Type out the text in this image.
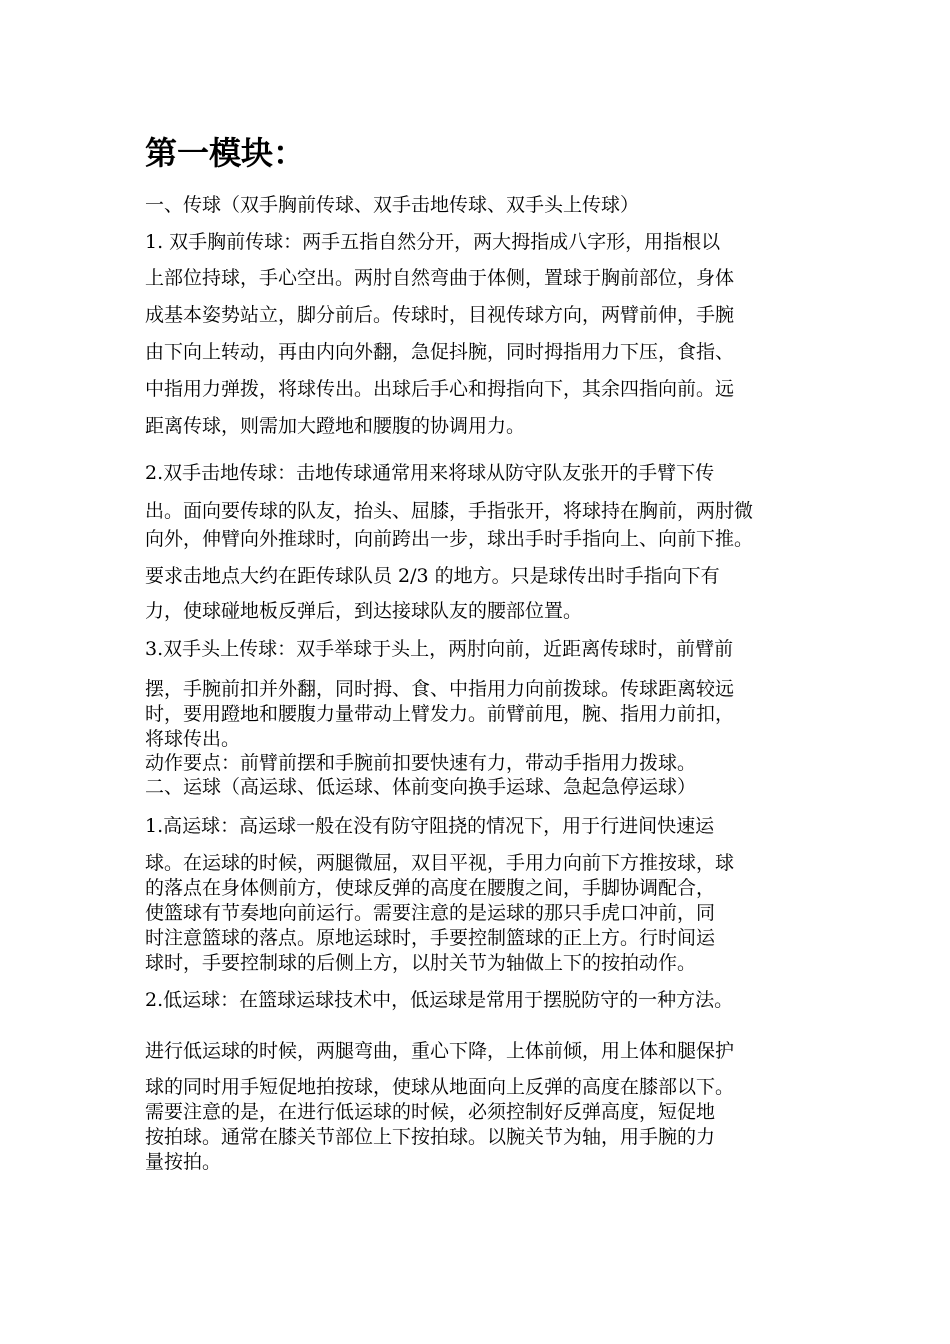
第一模块：
一、传球（双手胸前传球、双手击地传球、双手头上传球）
1. 双手胸前传球：两手五指自然分开，两大拇指成八字形，用指根以
上部位持球，手心空出。两肘自然弯曲于体侧，置球于胸前部位，身体
成基本姿势站立，脚分前后。传球时，目视传球方向，两臂前伸，手腕
由下向上转动，再由内向外翻，急促抖腕，同时拇指用力下压，食指、
中指用力弹拨，将球传出。出球后手心和拇指向下，其余四指向前。远
距离传球，则需加大蹬地和腰腹的协调用力。
2.双手击地传球：击地传球通常用来将球从防守队友张开的手臂下传
出。面向要传球的队友，抬头、屈膝，手指张开，将球持在胸前，两肘微
向外，伸臂向外推球时，向前跨出一步，球出手时手指向上、向前下推。
要求击地点大约在距传球队员 2/3 的地方。只是球传出时手指向下有
力，使球碰地板反弹后，到达接球队友的腰部位置。
3.双手头上传球：双手举球于头上，两肘向前，近距离传球时，前臂前
摆，手腕前扣并外翻，同时拇、食、中指用力向前拨球。传球距离较远
时，要用蹬地和腰腹力量带动上臂发力。前臂前甩，腕、指用力前扣，
将球传出。
动作要点：前臂前摆和手腕前扣要快速有力，带动手指用力拨球。
二、运球（高运球、低运球、体前变向换手运球、急起急停运球）
1.高运球：高运球一般在没有防守阻挠的情况下，用于行进间快速运
球。在运球的时候，两腿微屈，双目平视，手用力向前下方推按球，球
的落点在身体侧前方，使球反弹的高度在腰腹之间，手脚协调配合，
使篮球有节奏地向前运行。需要注意的是运球的那只手虎口冲前，同
时注意篮球的落点。原地运球时，手要控制篮球的正上方。行时间运
球时，手要控制球的后侧上方，以肘关节为轴做上下的按拍动作。
2.低运球：在篮球运球技术中，低运球是常用于摆脱防守的一种方法。
进行低运球的时候，两腿弯曲，重心下降，上体前倾，用上体和腿保护
球的同时用手短促地拍按球，使球从地面向上反弹的高度在膝部以下。
需要注意的是，在进行低运球的时候，必须控制好反弹高度，短促地
按拍球。通常在膝关节部位上下按拍球。以腕关节为轴，用手腕的力
量按拍。
